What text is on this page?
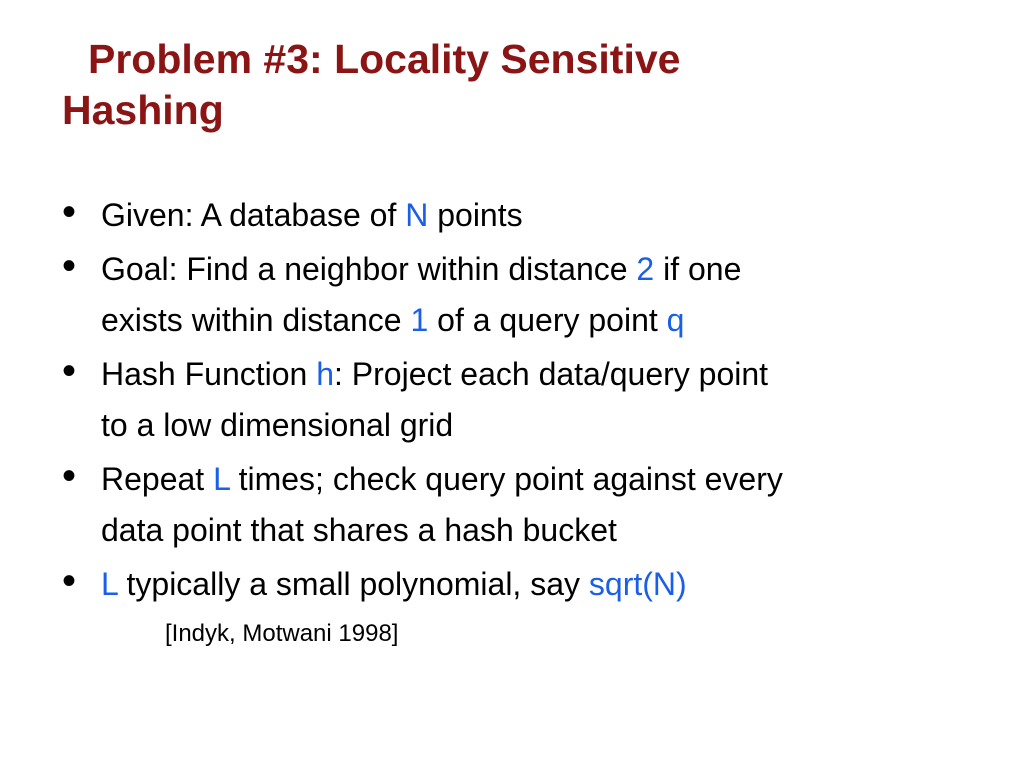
Problem #3: Locality Sensitive
Hashing
• Given: A database of N points
• Goal: Find a neighbor within distance 2 if one
exists within distance 1 of a query point q
• Hash Function h: Project each data/query point
to a low dimensional grid
• Repeat L times; check query point against every
data point that shares a hash bucket
• L typically a small polynomial, say sqrt(N)
[Indyk, Motwani 1998]
